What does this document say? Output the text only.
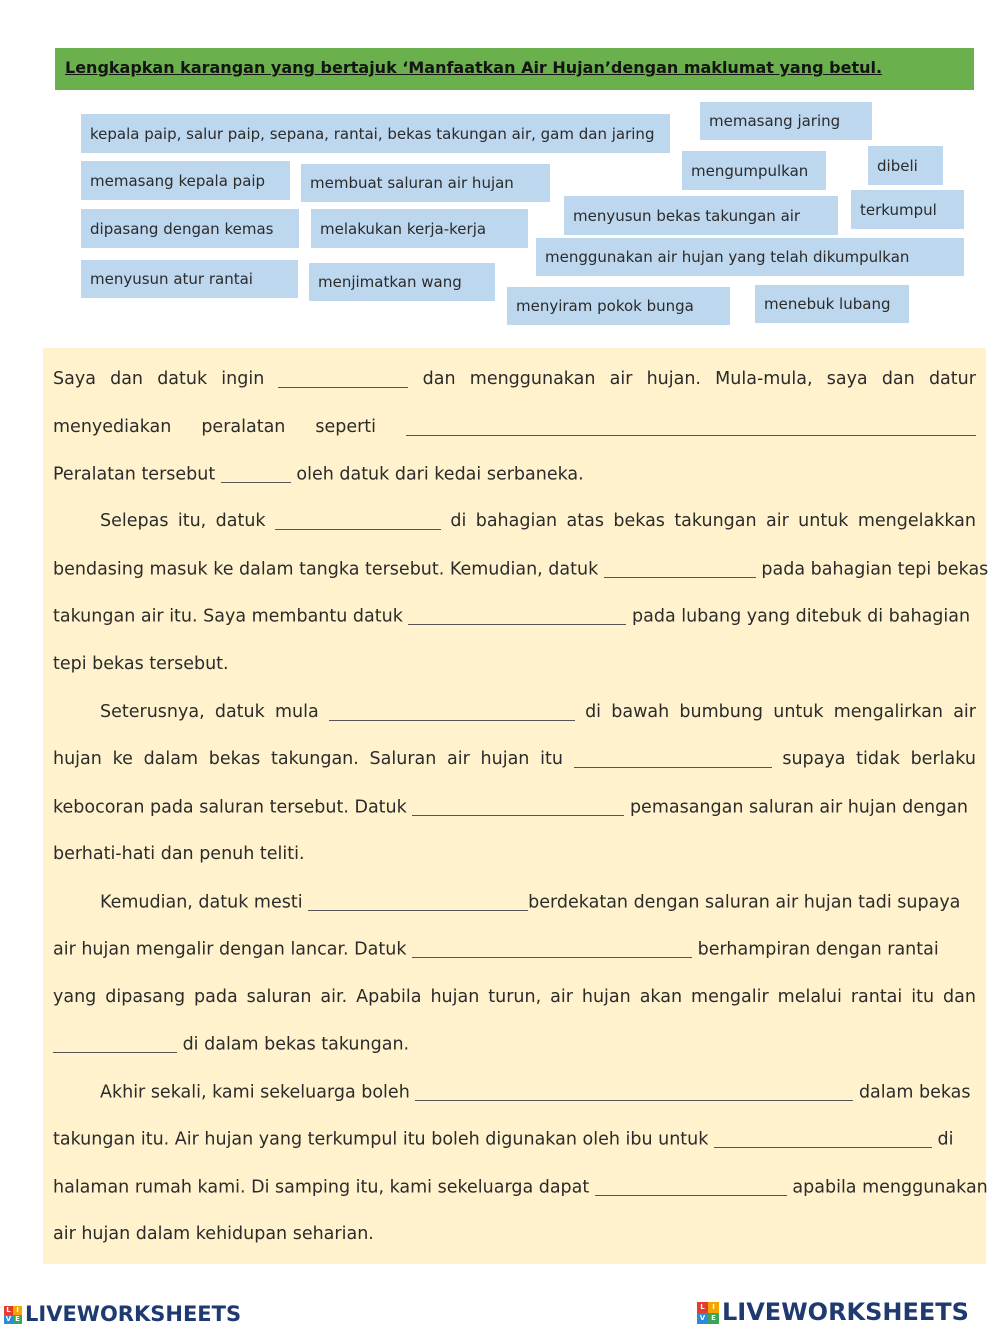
Lengkapkan karangan yang bertajuk ‘Manfaatkan Air Hujan’dengan maklumat yang betul.
kepala paip, salur paip, sepana, rantai, bekas takungan air, gam dan jaring
memasang jaring
memasang kepala paip	membuat saluran air hujan
mengumpulkan	dibeli
dipasang dengan kemas	melakukan kerja-kerja
menyusun bekas takungan air	terkumpul
menggunakan air hujan yang telah dikumpulkan
menyusun atur rantai	menjimatkan wang
menyiram pokok bunga	menebuk lubang
Saya dan datuk ingin	dan menggunakan air hujan. Mula-mula, saya dan datur
menyediakan peralatan seperti
Peralatan tersebut	oleh datuk dari kedai serbaneka.
Selepas itu, datuk	di bahagian atas bekas takungan air untuk mengelakkan
bendasing masuk ke dalam tangka tersebut. Kemudian, datuk	pada bahagian tepi bekas
takungan air itu. Saya membantu datuk	pada lubang yang ditebuk di bahagian
tepi bekas tersebut.
Seterusnya, datuk mula	di bawah bumbung untuk mengalirkan air
hujan ke dalam bekas takungan. Saluran air hujan itu	supaya tidak berlaku
kebocoran pada saluran tersebut. Datuk	pemasangan saluran air hujan dengan
berhati-hati dan penuh teliti.
Kemudian, datuk mesti	berdekatan dengan saluran air hujan tadi supaya
air hujan mengalir dengan lancar. Datuk	berhampiran dengan rantai
yang dipasang pada saluran air. Apabila hujan turun, air hujan akan mengalir melalui rantai itu dan
di dalam bekas takungan.
Akhir sekali, kami sekeluarga boleh	dalam bekas
takungan itu. Air hujan yang terkumpul itu boleh digunakan oleh ibu untuk	di
halaman rumah kami. Di samping itu, kami sekeluarga dapat	apabila menggunakan
air hujan dalam kehidupan seharian.
L I
V E LIVEWORKSHEETS	L	I
V E LIVEWORKSHEETS
